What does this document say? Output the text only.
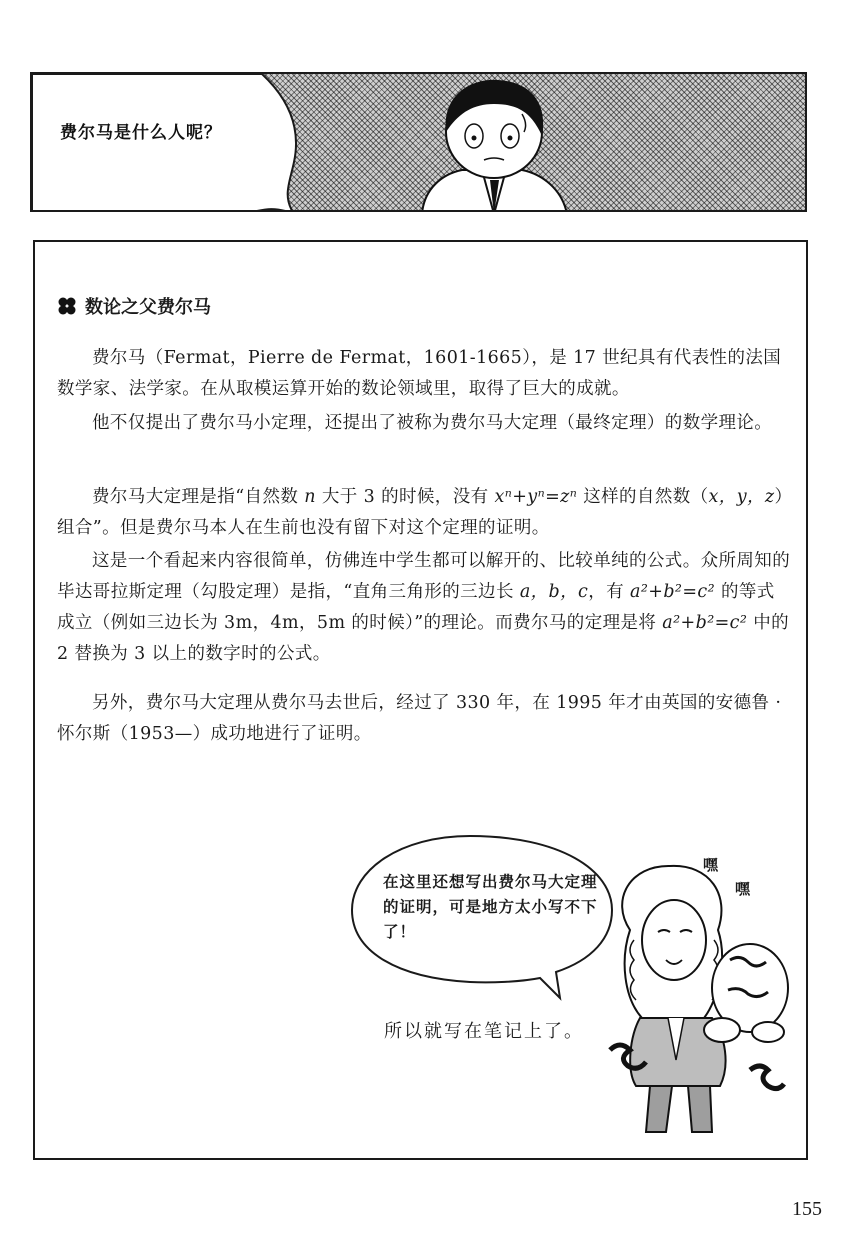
费尔马是什么人呢？
数论之父费尔马

费尔马（Fermat，Pierre de Fermat，1601-1665），是 17 世纪具有代表性的法国数学家、法学家。在从取模运算开始的数论领域里，取得了巨大的成就。

他不仅提出了费尔马小定理，还提出了被称为费尔马大定理（最终定理）的数学理论。

费尔马大定理是指“自然数 n 大于 3 的时候，没有 xⁿ+yⁿ=zⁿ 这样的自然数（x，y，z）组合”。但是费尔马本人在生前也没有留下对这个定理的证明。

这是一个看起来内容很简单，仿佛连中学生都可以解开的、比较单纯的公式。众所周知的毕达哥拉斯定理（勾股定理）是指，“直角三角形的三边长 a，b，c，有 a²+b²=c² 的等式成立（例如三边长为 3m，4m，5m 的时候）”的理论。而费尔马的定理是将 a²+b²=c² 中的 2 替换为 3 以上的数字时的公式。

另外，费尔马大定理从费尔马去世后，经过了 330 年，在 1995 年才由英国的安德鲁 · 怀尔斯（1953—）成功地进行了证明。

在这里还想写出费尔马大定理的证明，可是地方太小写不下了！
所以就写在笔记上了。
嘿
嘿
155
